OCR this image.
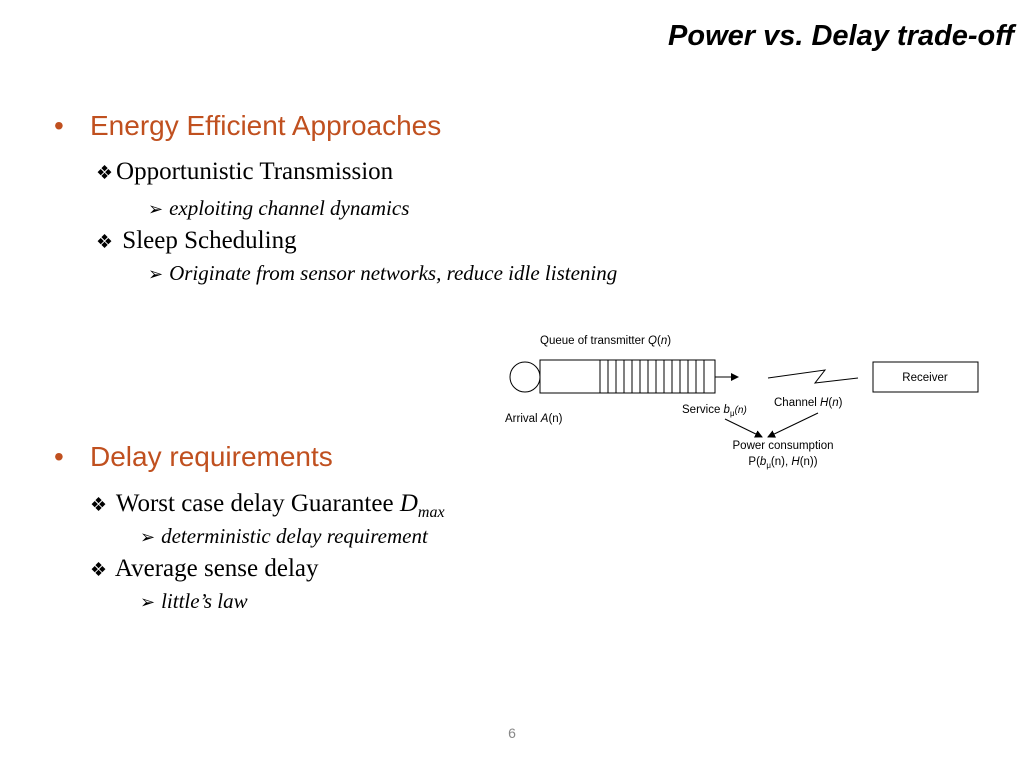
Power vs. Delay trade-off
• Energy Efficient Approaches
❖ Opportunistic Transmission
➢ exploiting channel dynamics
❖ Sleep Scheduling
➢ Originate from sensor networks, reduce idle listening
Queue of transmitter Q(n)
Receiver
Arrival A(n)
Service $b_\mu(n)$
Channel H(n)
Power consumption
$P(b_\mu(n)$, H(n))
• Delay requirements
❖ Worst case delay Guarantee $D_{max}$
➢ deterministic delay requirement
❖ Average sense delay
➢ little’s law
6
